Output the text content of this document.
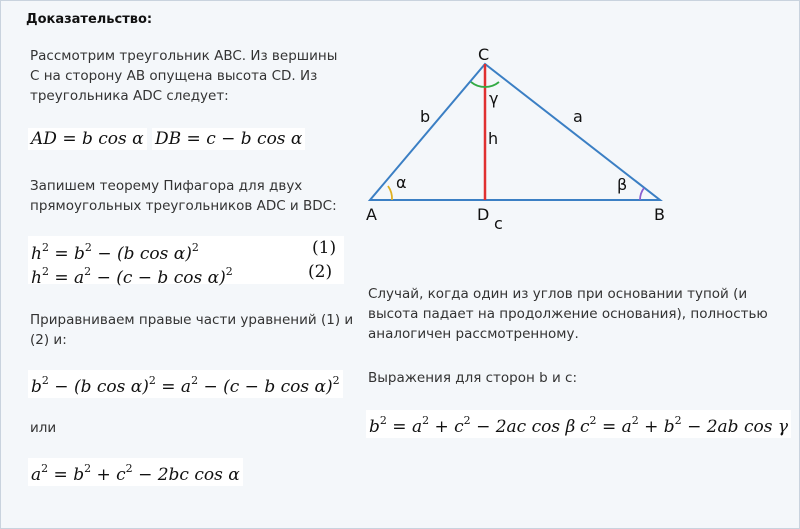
Доказательство:
Рассмотрим треугольник ABC. Из вершины C на сторону AB опущена высота CD. Из треугольника ADC следует:
AD = b cos α DB = c − b cos α
Запишем теорему Пифагора для двух прямоугольных треугольников ADC и BDC:
$h^2 = b^2 - (b$ cos α)$^2$	(1)
$h^2 = a^2 - (c - b$ cos α)$^2$	(2)
Приравниваем правые части уравнений (1) и (2) и:
$b^2 - (b$ $\cos \alpha)^2 = a^2 - (c - b$ cos α)$^2$
или
$a^2 = b^2 + c^2 - 2bc$ cos α
A	B
C
D c
b	a
h
α
γ
β
Случай, когда один из углов при основании тупой (и высота падает на продолжение основания), полностью аналогичен рассмотренному.
Выражения для сторон b и c:
$b^2 = a^2 + c^2 - 2ac$ cos β $c^2 = a^2 + b^2 - 2ab$ cos γ
